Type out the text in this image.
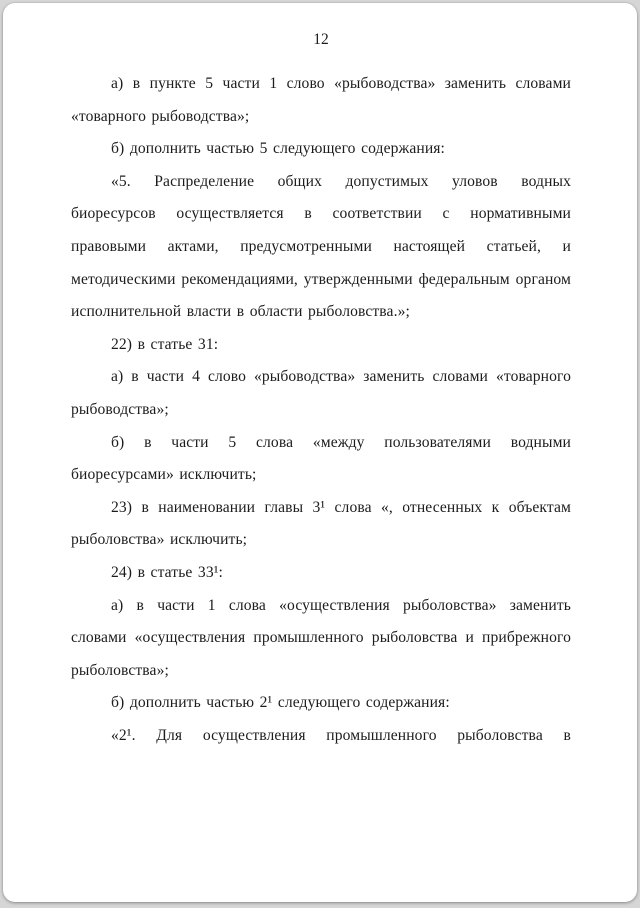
12

а) в пункте 5 части 1 слово «рыбоводства» заменить словами «товарного рыбоводства»;

б) дополнить частью 5 следующего содержания:

«5. Распределение общих допустимых уловов водных биоресурсов осуществляется в соответствии с нормативными правовыми актами, предусмотренными настоящей статьей, и методическими рекомендациями, утвержденными федеральным органом исполнительной власти в области рыболовства.»;

22) в статье 31:

а) в части 4 слово «рыбоводства» заменить словами «товарного рыбоводства»;

б) в части 5 слова «между пользователями водными биоресурсами» исключить;

23) в наименовании главы 3¹ слова «, отнесенных к объектам рыболовства» исключить;

24) в статье 33¹:

а) в части 1 слова «осуществления рыболовства» заменить словами «осуществления промышленного рыболовства и прибрежного рыболовства»;

б) дополнить частью 2¹ следующего содержания:

«2¹. Для осуществления промышленного рыболовства в
